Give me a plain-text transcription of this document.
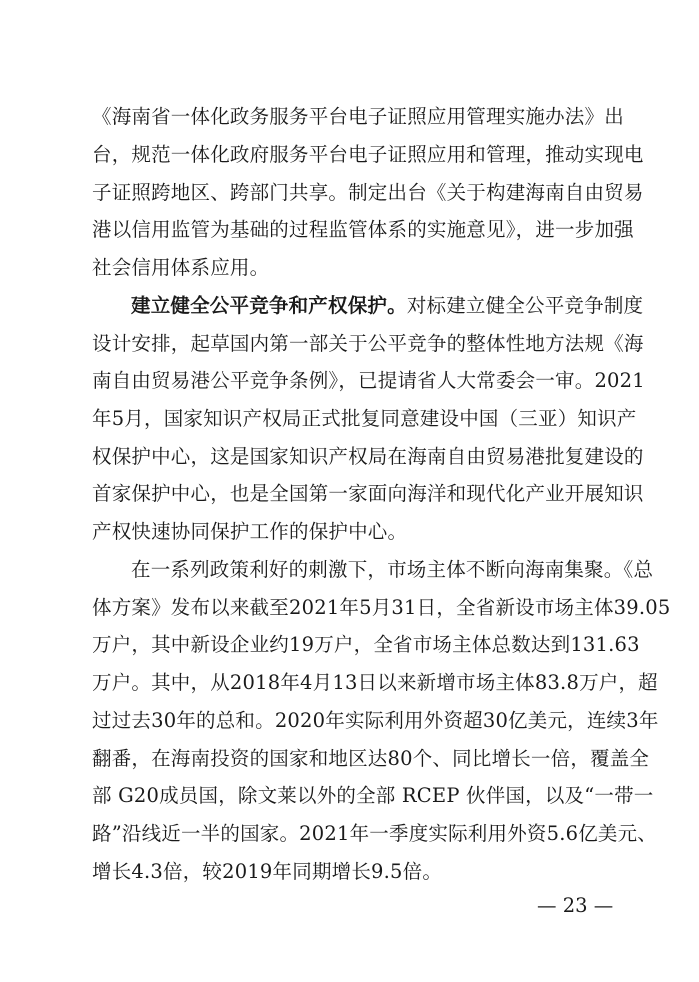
《海南省一体化政务服务平台电子证照应用管理实施办法》出
台，规范一体化政府服务平台电子证照应用和管理，推动实现电
子证照跨地区、跨部门共享。制定出台《关于构建海南自由贸易
港以信用监管为基础的过程监管体系的实施意见》，进一步加强
社会信用体系应用。
建立健全公平竞争和产权保护。对标建立健全公平竞争制度
设计安排，起草国内第一部关于公平竞争的整体性地方法规《海
南自由贸易港公平竞争条例》，已提请省人大常委会一审。2021
年5月，国家知识产权局正式批复同意建设中国（三亚）知识产
权保护中心，这是国家知识产权局在海南自由贸易港批复建设的
首家保护中心，也是全国第一家面向海洋和现代化产业开展知识
产权快速协同保护工作的保护中心。
在一系列政策利好的刺激下，市场主体不断向海南集聚。《总
体方案》发布以来截至2021年5月31日，全省新设市场主体39.05
万户，其中新设企业约19万户，全省市场主体总数达到131.63
万户。其中，从2018年4月13日以来新增市场主体83.8万户，超
过过去30年的总和。2020年实际利用外资超30亿美元，连续3年
翻番，在海南投资的国家和地区达80个、同比增长一倍，覆盖全
部 G20成员国，除文莱以外的全部 RCEP 伙伴国，以及“一带一
路”沿线近一半的国家。2021年一季度实际利用外资5.6亿美元、
增长4.3倍，较2019年同期增长9.5倍。
— 23 —
